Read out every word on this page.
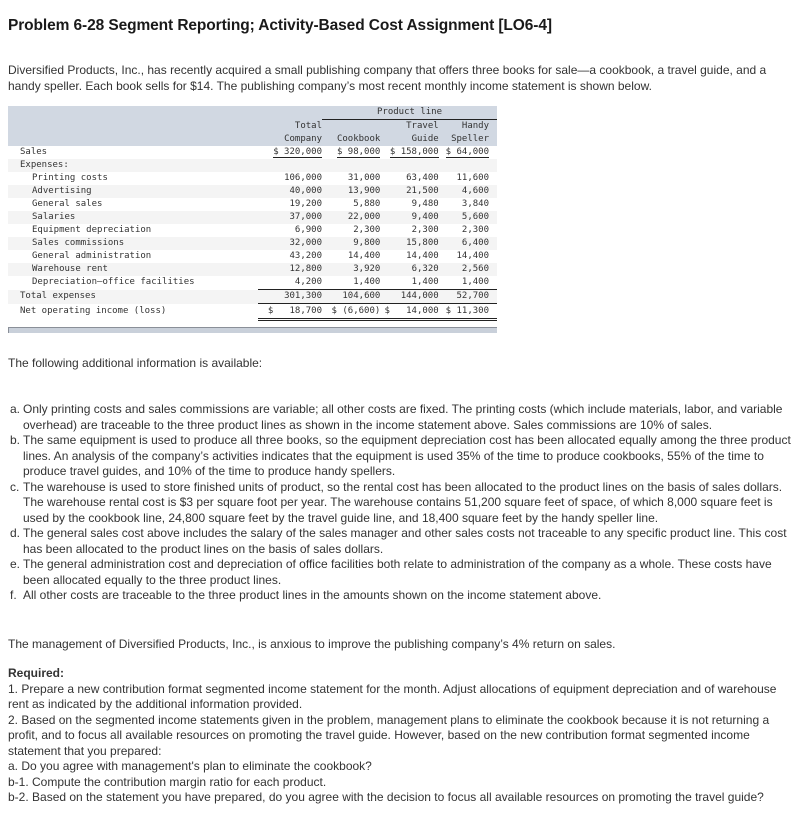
Problem 6-28 Segment Reporting; Activity-Based Cost Assignment [LO6-4]
Diversified Products, Inc., has recently acquired a small publishing company that offers three books for sale—a cookbook, a travel guide, and a handy speller. Each book sells for $14. The publishing company’s most recent monthly income statement is shown below.
		Product line		
	Total		Travel	Handy
	Company	Cookbook	Guide	Speller
Sales	$ 320,000	$ 98,000	$ 158,000	$ 64,000
Expenses:				
Printing costs	106,000	31,000	63,400	11,600
Advertising	40,000	13,900	21,500	4,600
General sales	19,200	5,880	9,480	3,840
Salaries	37,000	22,000	9,400	5,600
Equipment depreciation	6,900	2,300	2,300	2,300
Sales commissions	32,000	9,800	15,800	6,400
General administration	43,200	14,400	14,400	14,400
Warehouse rent	12,800	3,920	6,320	2,560
Depreciation—office facilities	4,200	1,400	1,400	1,400
Total expenses	301,300	104,600	144,000	52,700
Net operating income (loss)	$   18,700	$ (6,600)	$   14,000	$ 11,300
The following additional information is available:
a. Only printing costs and sales commissions are variable; all other costs are fixed. The printing costs (which include materials, labor, and variable overhead) are traceable to the three product lines as shown in the income statement above. Sales commissions are 10% of sales.
b. The same equipment is used to produce all three books, so the equipment depreciation cost has been allocated equally among the three product lines. An analysis of the company’s activities indicates that the equipment is used 35% of the time to produce cookbooks, 55% of the time to produce travel guides, and 10% of the time to produce handy spellers.
c. The warehouse is used to store finished units of product, so the rental cost has been allocated to the product lines on the basis of sales dollars. The warehouse rental cost is $3 per square foot per year. The warehouse contains 51,200 square feet of space, of which 8,000 square feet is used by the cookbook line, 24,800 square feet by the travel guide line, and 18,400 square feet by the handy speller line.
d. The general sales cost above includes the salary of the sales manager and other sales costs not traceable to any specific product line. This cost has been allocated to the product lines on the basis of sales dollars.
e. The general administration cost and depreciation of office facilities both relate to administration of the company as a whole. These costs have been allocated equally to the three product lines.
f. All other costs are traceable to the three product lines in the amounts shown on the income statement above.
The management of Diversified Products, Inc., is anxious to improve the publishing company’s 4% return on sales.
Required:
1. Prepare a new contribution format segmented income statement for the month. Adjust allocations of equipment depreciation and of warehouse rent as indicated by the additional information provided.
2. Based on the segmented income statements given in the problem, management plans to eliminate the cookbook because it is not returning a profit, and to focus all available resources on promoting the travel guide. However, based on the new contribution format segmented income statement that you prepared:
a. Do you agree with management's plan to eliminate the cookbook?
b-1. Compute the contribution margin ratio for each product.
b-2. Based on the statement you have prepared, do you agree with the decision to focus all available resources on promoting the travel guide?
